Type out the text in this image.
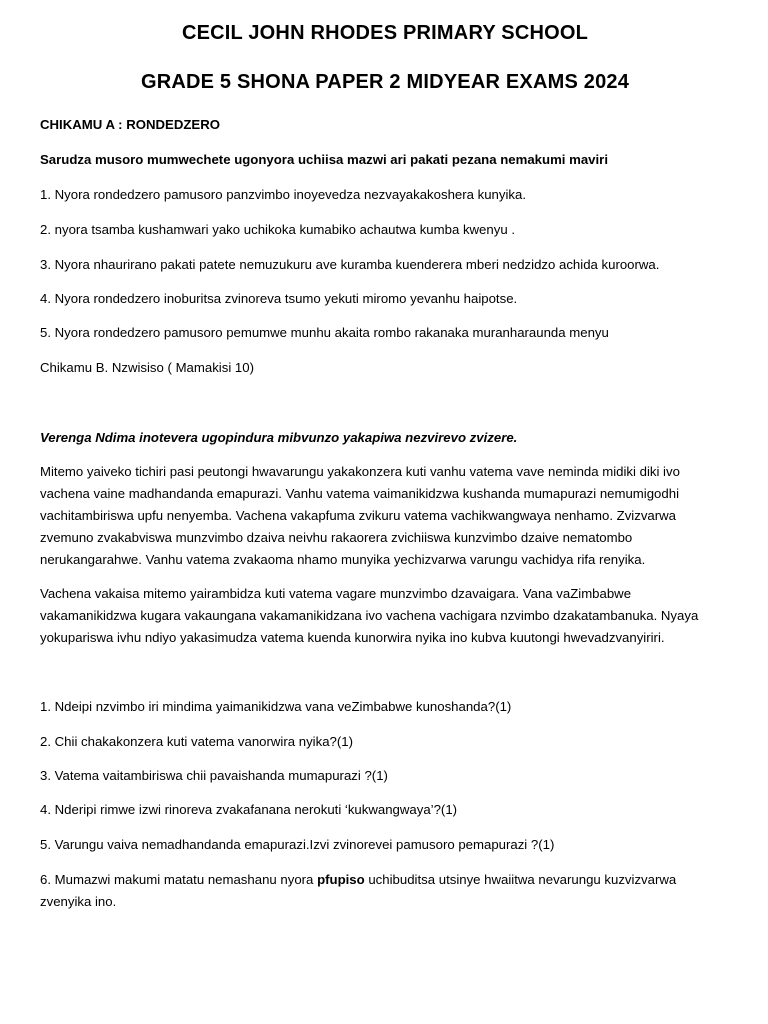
CECIL JOHN RHODES PRIMARY SCHOOL
GRADE 5 SHONA PAPER 2 MIDYEAR EXAMS 2024

CHIKAMU A : RONDEDZERO

Sarudza musoro mumwechete ugonyora uchiisa mazwi ari pakati pezana nemakumi maviri

1. Nyora rondedzero pamusoro panzvimbo inoyevedza nezvayakakoshera kunyika.

2. nyora tsamba kushamwari yako uchikoka kumabiko achautwa kumba kwenyu .

3. Nyora nhaurirano pakati patete nemuzukuru ave kuramba kuenderera mberi nedzidzo achida kuroorwa.

4. Nyora rondedzero inoburitsa zvinoreva tsumo yekuti miromo yevanhu haipotse.

5. Nyora rondedzero pamusoro pemumwe munhu akaita rombo rakanaka muranharaunda menyu

Chikamu B. Nzwisiso ( Mamakisi 10)

Verenga Ndima inotevera ugopindura mibvunzo yakapiwa nezvirevo zvizere.

Mitemo yaiveko tichiri pasi peutongi hwavarungu yakakonzera kuti vanhu vatema vave neminda midiki diki ivo vachena vaine madhandanda emapurazi. Vanhu vatema vaimanikidzwa kushanda mumapurazi nemumigodhi vachitambiriswa upfu nenyemba. Vachena vakapfuma zvikuru vatema vachikwangwaya nenhamo. Zvizvarwa zvemuno zvakabviswa munzvimbo dzaiva neivhu rakaorera zvichiiswa kunzvimbo dzaive nematombo nerukangarahwe. Vanhu vatema zvakaoma nhamo munyika yechizvarwa varungu vachidya rifa renyika.

Vachena vakaisa mitemo yairambidza kuti vatema vagare munzvimbo dzavaigara. Vana vaZimbabwe vakamanikidzwa kugara vakaungana vakamanikidzana ivo vachena vachigara nzvimbo dzakatambanuka. Nyaya yokupariswa ivhu ndiyo yakasimudza vatema kuenda kunorwira nyika ino kubva kuutongi hwevadzvanyiriri.

1. Ndeipi nzvimbo iri mindima yaimanikidzwa vana veZimbabwe kunoshanda?(1)

2. Chii chakakonzera kuti vatema vanorwira nyika?(1)

3. Vatema vaitambiriswa chii pavaishanda mumapurazi ?(1)

4. Nderipi rimwe izwi rinoreva zvakafanana nerokuti ‘kukwangwaya’?(1)

5. Varungu vaiva nemadhandanda emapurazi.Izvi zvinorevei pamusoro pemapurazi ?(1)

6. Mumazwi makumi matatu nemashanu nyora pfupiso uchibuditsa utsinye hwaiitwa nevarungu kuzvizvarwa zvenyika ino.
